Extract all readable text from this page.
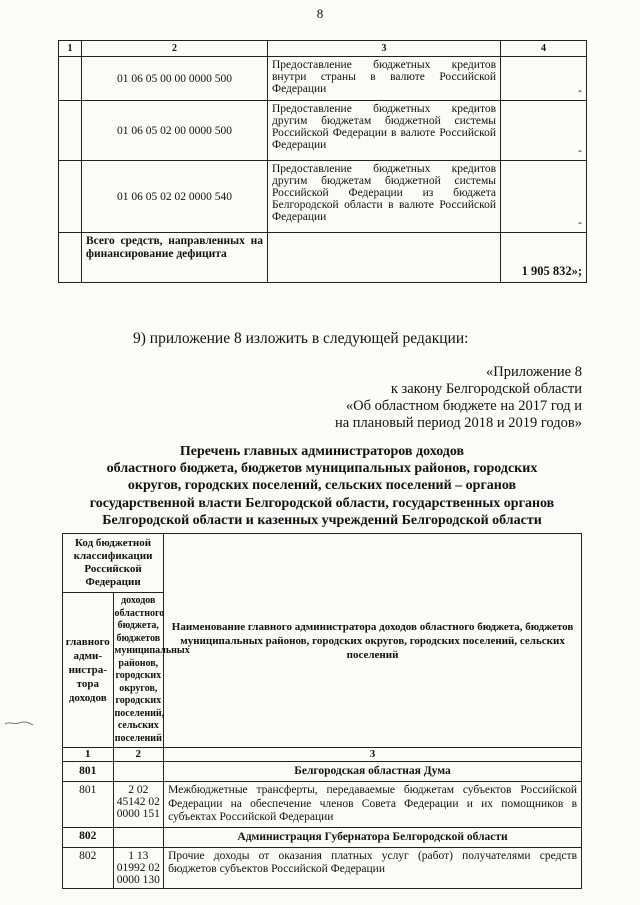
8
1	2	3	4
	01 06 05 00 00 0000 500	Предоставление бюджетных кредитов внутри страны в валюте Российской Федерации	-
	01 06 05 02 00 0000 500	Предоставление бюджетных кредитов другим бюджетам бюджетной системы Российской Федерации в валюте Российской Федерации	-
	01 06 05 02 02 0000 540	Предоставление бюджетных кредитов другим бюджетам бюджетной системы Российской Федерации из бюджета Белгородской области в валюте Российской Федерации	-
	Всего средств, направленных на финансирование дефицита		1 905 832»;
9) приложение 8 изложить в следующей редакции:
«Приложение 8
к закону Белгородской области
«Об областном бюджете на 2017 год и
на плановый период 2018 и 2019 годов»
Перечень главных администраторов доходов
областного бюджета, бюджетов муниципальных районов, городских
округов, городских поселений, сельских поселений – органов
государственной власти Белгородской области, государственных органов
Белгородской области и казенных учреждений Белгородской области
Код бюджетной классификации Российской Федерации		Наименование главного администратора доходов областного бюджета, бюджетов муниципальных районов, городских округов, городских поселений, сельских поселений
главного адми- нистра- тора доходов	доходов областного бюджета, бюджетов муниципальных районов, городских округов, городских поселений, сельских поселений	
1	2	3
801		Белгородская областная Дума
801	2 02 45142 02 0000 151	Межбюджетные трансферты, передаваемые бюджетам субъектов Российской Федерации на обеспечение членов Совета Федерации и их помощников в субъектах Российской Федерации
802		Администрация Губернатора Белгородской области
802	1 13 01992 02 0000 130	Прочие доходы от оказания платных услуг (работ) получателями средств бюджетов субъектов Российской Федерации
